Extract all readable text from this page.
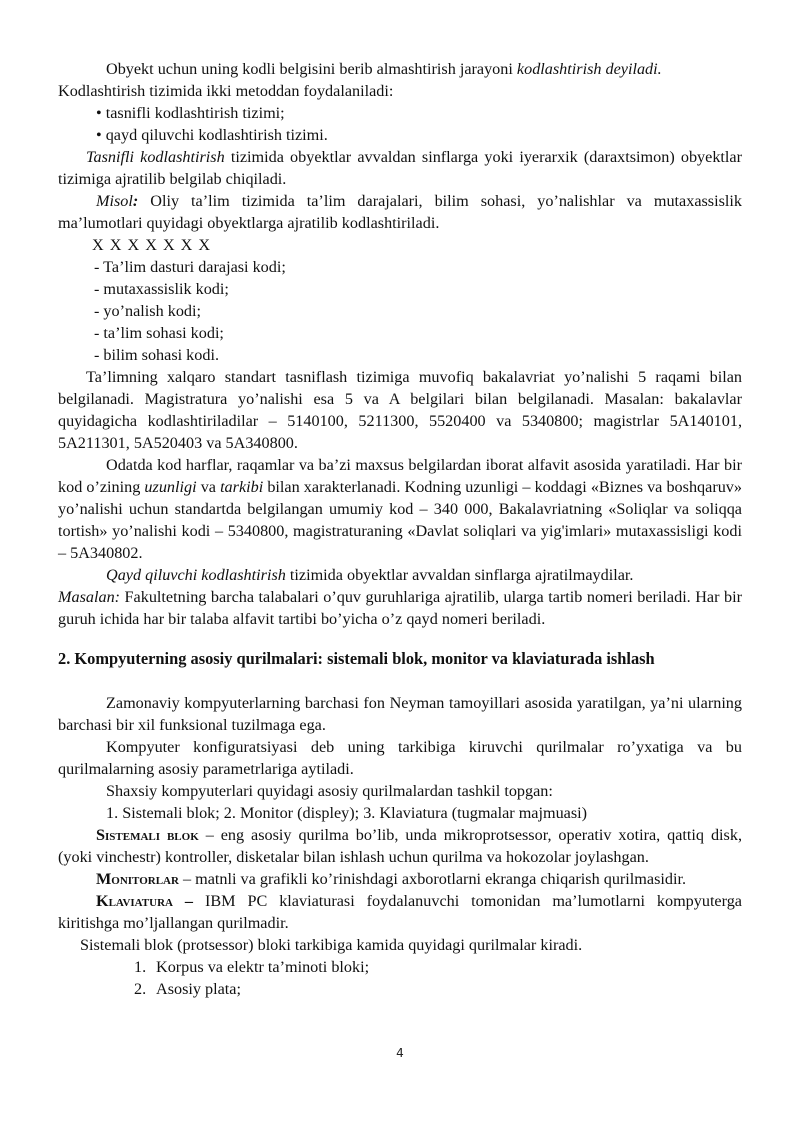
Obyekt uchun uning kodli belgisini berib almashtirish jarayoni kodlashtirish deyiladi.

Kodlashtirish tizimida ikki metoddan foydalaniladi:

• tasnifli kodlashtirish tizimi;

• qayd qiluvchi kodlashtirish tizimi.

Tasnifli kodlashtirish tizimida obyektlar avvaldan sinflarga yoki iyerarxik (daraxtsimon) obyektlar tizimiga ajratilib belgilab chiqiladi.

Misol: Oliy ta’lim tizimida ta’lim darajalari, bilim sohasi, yo’nalishlar va mutaxassislik ma’lumotlari quyidagi obyektlarga ajratilib kodlashtiriladi.

X X X X X X X

- Ta’lim dasturi darajasi kodi;

- mutaxassislik kodi;

- yo’nalish kodi;

- ta’lim sohasi kodi;

- bilim sohasi kodi.

Ta’limning xalqaro standart tasniflash tizimiga muvofiq bakalavriat yo’nalishi 5 raqami bilan belgilanadi. Magistratura yo’nalishi esa 5 va A belgilari bilan belgilanadi. Masalan: bakalavlar quyidagicha kodlashtiriladilar – 5140100, 5211300, 5520400 va 5340800; magistrlar 5A140101, 5A211301, 5A520403 va 5A340800.

Odatda kod harflar, raqamlar va ba’zi maxsus belgilardan iborat alfavit asosida yaratiladi. Har bir kod o’zining uzunligi va tarkibi bilan xarakterlanadi. Kodning uzunligi – koddagi «Biznes va boshqaruv» yo’nalishi uchun standartda belgilangan umumiy kod – 340 000, Bakalavriatning «Soliqlar va soliqqa tortish» yo’nalishi kodi – 5340800, magistraturaning «Davlat soliqlari va yig'imlari» mutaxassisligi kodi – 5A340802.

Qayd qiluvchi kodlashtirish tizimida obyektlar avvaldan sinflarga ajratilmaydilar.

Masalan: Fakultetning barcha talabalari o’quv guruhlariga ajratilib, ularga tartib nomeri beriladi. Har bir guruh ichida har bir talaba alfavit tartibi bo’yicha o’z qayd nomeri beriladi.

2. Kompyuterning asosiy qurilmalari: sistemali blok, monitor va klaviaturada ishlash

Zamonaviy kompyuterlarning barchasi fon Neyman tamoyillari asosida yaratilgan, ya’ni ularning barchasi bir xil funksional tuzilmaga ega.

Kompyuter konfiguratsiyasi deb uning tarkibiga kiruvchi qurilmalar ro’yxatiga va bu qurilmalarning asosiy parametrlariga aytiladi.

Shaxsiy kompyuterlari quyidagi asosiy qurilmalardan tashkil topgan:

1. Sistemali blok; 2. Monitor (displey); 3. Klaviatura (tugmalar majmuasi)

Sistemali blok – eng asosiy qurilma bo’lib, unda mikroprotsessor, operativ xotira, qattiq disk, (yoki vinchestr) kontroller, disketalar bilan ishlash uchun qurilma va hokozolar joylashgan.

Monitorlar – matnli va grafikli ko’rinishdagi axborotlarni ekranga chiqarish qurilmasidir.

Klaviatura – IBM PC klaviaturasi foydalanuvchi tomonidan ma’lumotlarni kompyuterga kiritishga mo’ljallangan qurilmadir.

Sistemali blok (protsessor) bloki tarkibiga kamida quyidagi qurilmalar kiradi.

1. Korpus va elektr ta’minoti bloki;

2. Asosiy plata;

4
